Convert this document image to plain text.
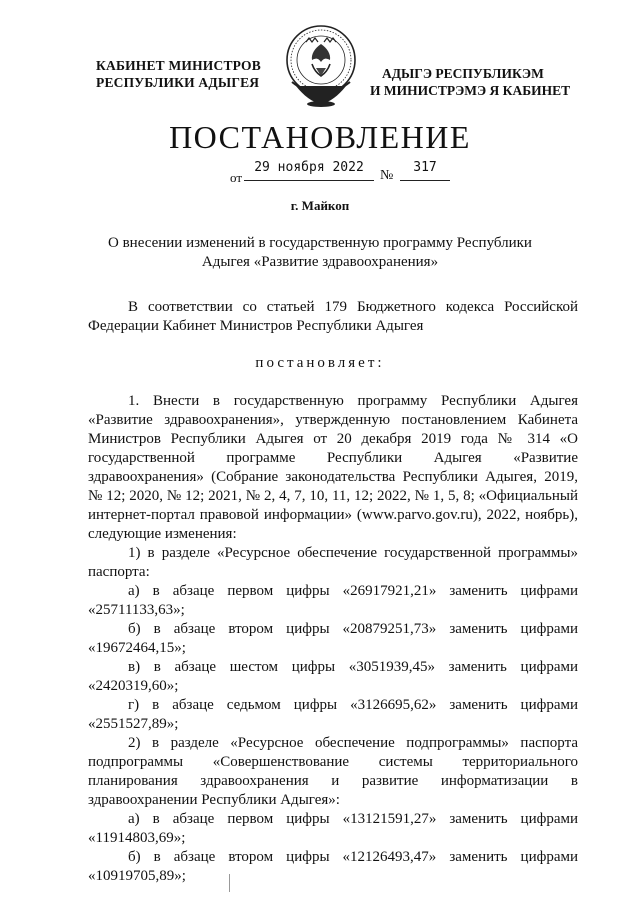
КАБИНЕТ МИНИСТРОВ
РЕСПУБЛИКИ АДЫГЕЯ
АДЫГЭ РЕСПУБЛИКЭМ
И МИНИСТРЭМЭ Я КАБИНЕТ
ПОСТАНОВЛЕНИЕ
от
29 ноября 2022
№
317
г. Майкоп
О внесении изменений в государственную программу Республики Адыгея «Развитие здравоохранения»
В соответствии со статьей 179 Бюджетного кодекса Российской Федерации Кабинет Министров Республики Адыгея
постановляет:
1. Внести в государственную программу Республики Адыгея «Развитие здравоохранения», утвержденную постановлением Кабинета Министров Республики Адыгея от 20 декабря 2019 года № 314 «О государственной программе Республики Адыгея «Развитие здравоохранения» (Собрание законодательства Республики Адыгея, 2019, № 12; 2020, № 12; 2021, № 2, 4, 7, 10, 11, 12; 2022, № 1, 5, 8; «Официальный интернет-портал правовой информации» (www.parvo.gov.ru), 2022, ноябрь), следующие изменения:
1) в разделе «Ресурсное обеспечение государственной программы» паспорта:
а) в абзаце первом цифры «26917921,21» заменить цифрами «25711133,63»;
б) в абзаце втором цифры «20879251,73» заменить цифрами «19672464,15»;
в) в абзаце шестом цифры «3051939,45» заменить цифрами «2420319,60»;
г) в абзаце седьмом цифры «3126695,62» заменить цифрами «2551527,89»;
2) в разделе «Ресурсное обеспечение подпрограммы» паспорта подпрограммы «Совершенствование системы территориального планирования здравоохранения и развитие информатизации в здравоохранении Республики Адыгея»:
а) в абзаце первом цифры «13121591,27» заменить цифрами «11914803,69»;
б) в абзаце втором цифры «12126493,47» заменить цифрами «10919705,89»;
